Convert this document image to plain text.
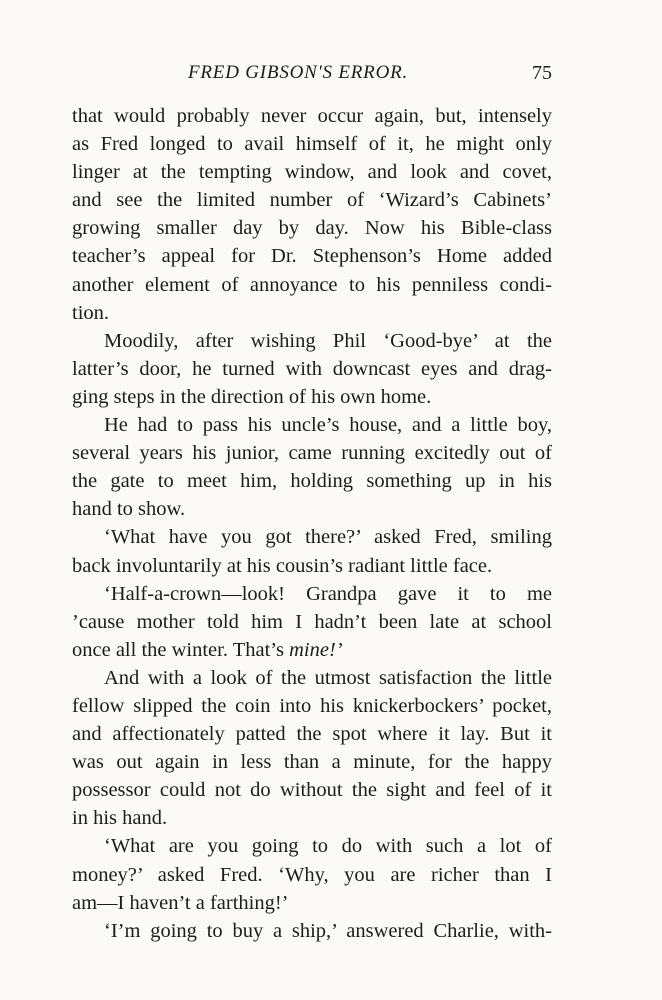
FRED GIBSON'S ERROR.	75
that would probably never occur again, but, intensely
as Fred longed to avail himself of it, he might only
linger at the tempting window, and look and covet,
and see the limited number of ‘Wizard’s Cabinets’
growing smaller day by day. Now his Bible-class
teacher’s appeal for Dr. Stephenson’s Home added
another element of annoyance to his penniless condi-
tion.
Moodily, after wishing Phil ‘Good-bye’ at the
latter’s door, he turned with downcast eyes and drag-
ging steps in the direction of his own home.
He had to pass his uncle’s house, and a little boy,
several years his junior, came running excitedly out of
the gate to meet him, holding something up in his
hand to show.
‘What have you got there?’ asked Fred, smiling
back involuntarily at his cousin’s radiant little face.
‘Half-a-crown—look! Grandpa gave it to me
’cause mother told him I hadn’t been late at school
once all the winter. That’s mine!’
And with a look of the utmost satisfaction the little
fellow slipped the coin into his knickerbockers’ pocket,
and affectionately patted the spot where it lay. But it
was out again in less than a minute, for the happy
possessor could not do without the sight and feel of it
in his hand.
‘What are you going to do with such a lot of
money?’ asked Fred. ‘Why, you are richer than I
am—I haven’t a farthing!’
‘I’m going to buy a ship,’ answered Charlie, with-
